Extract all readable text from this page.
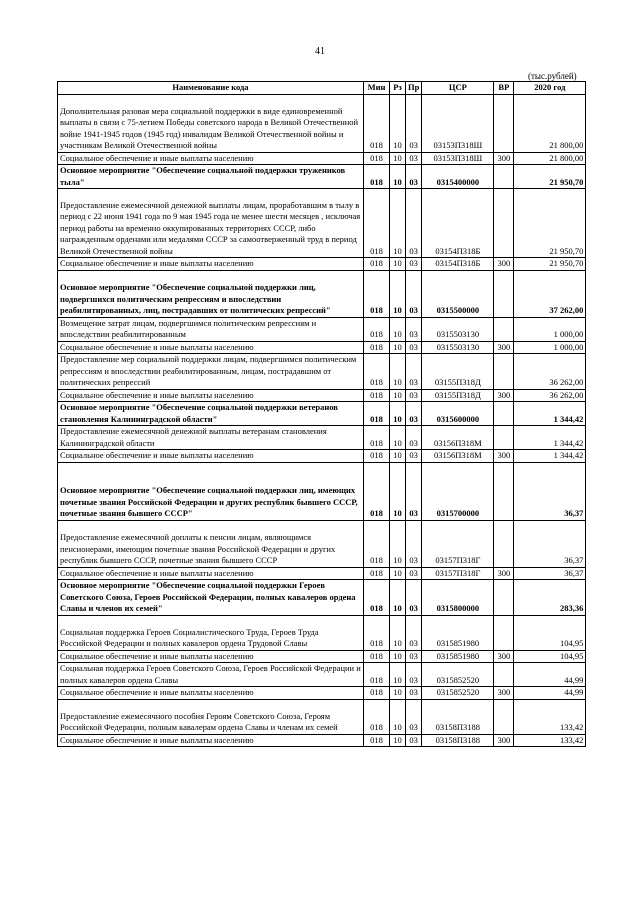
41
(тыс.рублей)
Наименование кода	Мин	Рз	Пр	ЦСР	ВР	2020 год
Дополнительная разовая мера социальной поддержки в виде единовременной выплаты в связи с 75-летием Победы советского народа в Великой Отечественной войне 1941-1945 годов (1945 год) инвалидам Великой Отечественной войны и участникам Великой Отечественной войны	018	10	03	03153П318Ш		21 800,00
Социальное обеспечение и иные выплаты населению	018	10	03	03153П318Ш	300	21 800,00
Основное мероприятие "Обеспечение социальной поддержки тружеников тыла"	018	10	03	0315400000		21 950,70
Предоставление ежемесячной денежной выплаты лицам, проработавшим в тылу в период с 22 июня 1941 года по 9 мая 1945 года не менее шести месяцев , исключая период работы на временно оккупированных территориях СССР, либо награжденным орденами или медалями СССР за самоотверженный труд в период Великой Отечественной войны	018	10	03	03154П318Б		21 950,70
Социальное обеспечение и иные выплаты населению	018	10	03	03154П318Б	300	21 950,70
Основное мероприятие "Обеспечение социальной поддержки лиц, подвергшихся политическим репрессиям и впоследствии реабилитированных, лиц, пострадавших от политических репрессий"	018	10	03	0315500000		37 262,00
Возмещение затрат лицам, подвергшимся политическим репрессиям и впоследствии реабилитированным	018	10	03	0315503130		1 000,00
Социальное обеспечение и иные выплаты населению	018	10	03	0315503130	300	1 000,00
Предоставление мер социальной поддержки лицам, подвергшимся политическим репрессиям и впоследствии реабилитированным, лицам, пострадавшим от политических репрессий	018	10	03	03155П318Д		36 262,00
Социальное обеспечение и иные выплаты населению	018	10	03	03155П318Д	300	36 262,00
Основное мероприятие "Обеспечение социальной поддержки ветеранов становления Калининградской области"	018	10	03	0315600000		1 344,42
Предоставление ежемесячной денежной выплаты ветеранам становления Калининградской области	018	10	03	03156П318М		1 344,42
Социальное обеспечение и иные выплаты населению	018	10	03	03156П318М	300	1 344,42
Основное мероприятие "Обеспечение социальной поддержки лиц, имеющих почетные звания Российской Федерации и других республик бывшего СССР, почетные звания бывшего СССР"	018	10	03	0315700000		36,37
Предоставление ежемесячной доплаты к пенсии лицам, являющимся пенсионерами, имеющим почетные звания Российской Федерации и других республик бывшего СССР, почетные звания бывшего СССР	018	10	03	03157П318Г		36,37
Социальное обеспечение и иные выплаты населению	018	10	03	03157П318Г	300	36,37
Основное мероприятие "Обеспечение социальной поддержки Героев Советского Союза, Героев Российской Федерации, полных кавалеров ордена Славы и членов их семей"	018	10	03	0315800000		283,36
Социальная поддержка Героев Социалистического Труда, Героев Труда Российской Федерации и полных кавалеров ордена Трудовой Славы	018	10	03	0315851980		104,95
Социальное обеспечение и иные выплаты населению	018	10	03	0315851980	300	104,95
Социальная поддержка Героев Советского Союза, Героев Российской Федерации и полных кавалеров ордена Славы	018	10	03	0315852520		44,99
Социальное обеспечение и иные выплаты населению	018	10	03	0315852520	300	44,99
Предоставление ежемесячного пособия Героям Советского Союза, Героям Российской Федерации, полным кавалерам ордена Славы и членам их семей	018	10	03	03158П3188		133,42
Социальное обеспечение и иные выплаты населению	018	10	03	03158П3188	300	133,42
